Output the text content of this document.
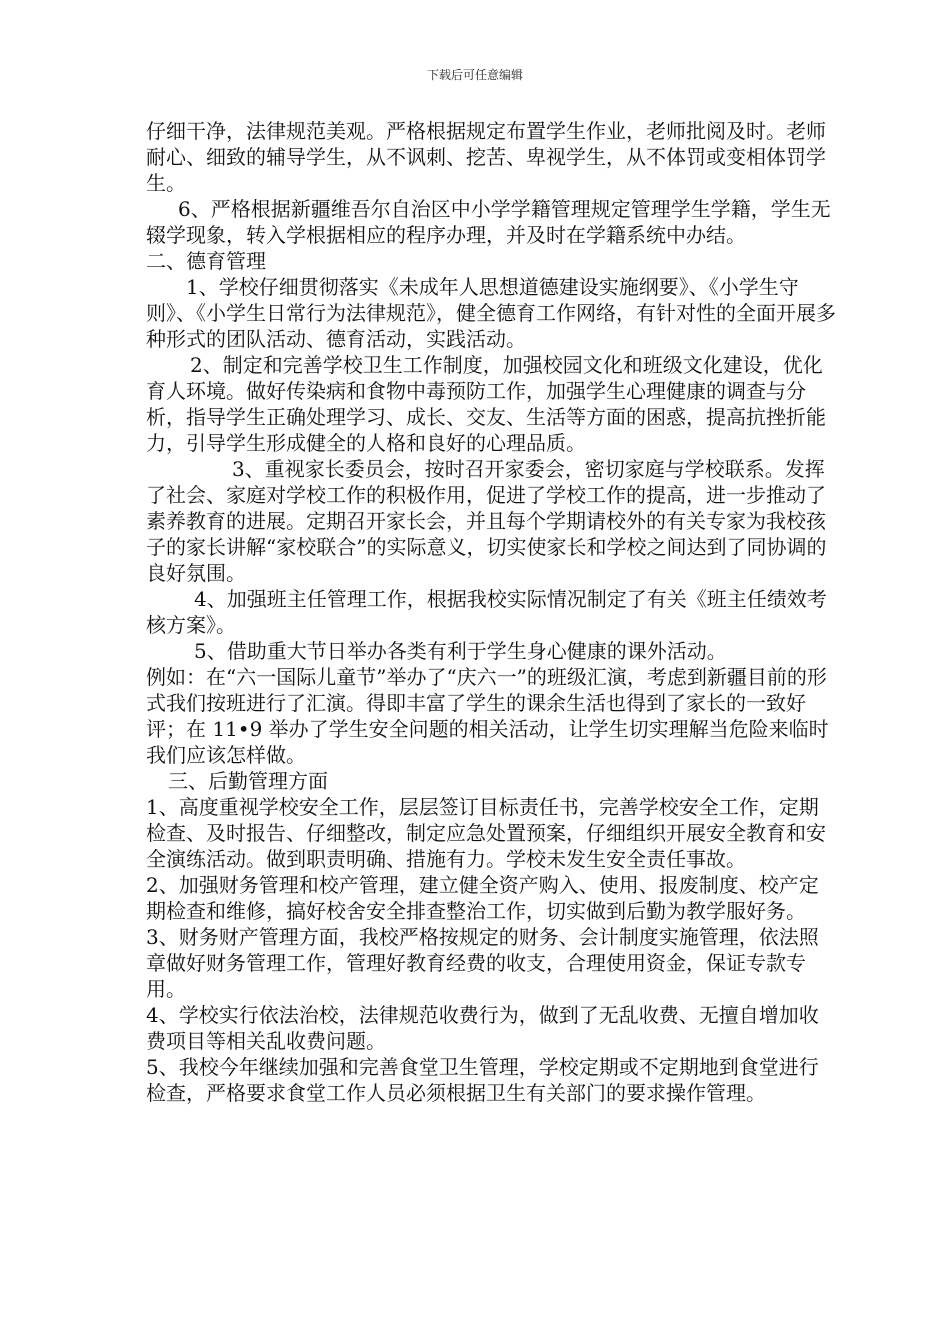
下载后可任意编辑

仔细干净，法律规范美观。严格根据规定布置学生作业，老师批阅及时。老师耐心、细致的辅导学生，从不讽刺、挖苦、卑视学生，从不体罚或变相体罚学生。

6、严格根据新疆维吾尔自治区中小学学籍管理规定管理学生学籍，学生无辍学现象，转入学根据相应的程序办理，并及时在学籍系统中办结。

二、德育管理

1、学校仔细贯彻落实《未成年人思想道德建设实施纲要》、《小学生守则》、《小学生日常行为法律规范》，健全德育工作网络，有针对性的全面开展多种形式的团队活动、德育活动，实践活动。

2、制定和完善学校卫生工作制度，加强校园文化和班级文化建设，优化育人环境。做好传染病和食物中毒预防工作，加强学生心理健康的调查与分析，指导学生正确处理学习、成长、交友、生活等方面的困惑，提高抗挫折能力，引导学生形成健全的人格和良好的心理品质。

3、重视家长委员会，按时召开家委会，密切家庭与学校联系。发挥了社会、家庭对学校工作的积极作用，促进了学校工作的提高，进一步推动了素养教育的进展。定期召开家长会，并且每个学期请校外的有关专家为我校孩子的家长讲解“家校联合”的实际意义，切实使家长和学校之间达到了同协调的良好氛围。

4、加强班主任管理工作，根据我校实际情况制定了有关《班主任绩效考核方案》。

5、借助重大节日举办各类有利于学生身心健康的课外活动。

例如：在“六一国际儿童节”举办了“庆六一”的班级汇演，考虑到新疆目前的形式我们按班进行了汇演。得即丰富了学生的课余生活也得到了家长的一致好评；在 11•9 举办了学生安全问题的相关活动，让学生切实理解当危险来临时我们应该怎样做。

三、后勤管理方面

1、高度重视学校安全工作，层层签订目标责任书，完善学校安全工作，定期检查、及时报告、仔细整改，制定应急处置预案，仔细组织开展安全教育和安全演练活动。做到职责明确、措施有力。学校未发生安全责任事故。

2、加强财务管理和校产管理，建立健全资产购入、使用、报废制度、校产定期检查和维修，搞好校舍安全排查整治工作，切实做到后勤为教学服好务。

3、财务财产管理方面，我校严格按规定的财务、会计制度实施管理，依法照章做好财务管理工作，管理好教育经费的收支，合理使用资金，保证专款专用。

4、学校实行依法治校，法律规范收费行为，做到了无乱收费、无擅自增加收费项目等相关乱收费问题。

5、我校今年继续加强和完善食堂卫生管理，学校定期或不定期地到食堂进行检查，严格要求食堂工作人员必须根据卫生有关部门的要求操作管理。
